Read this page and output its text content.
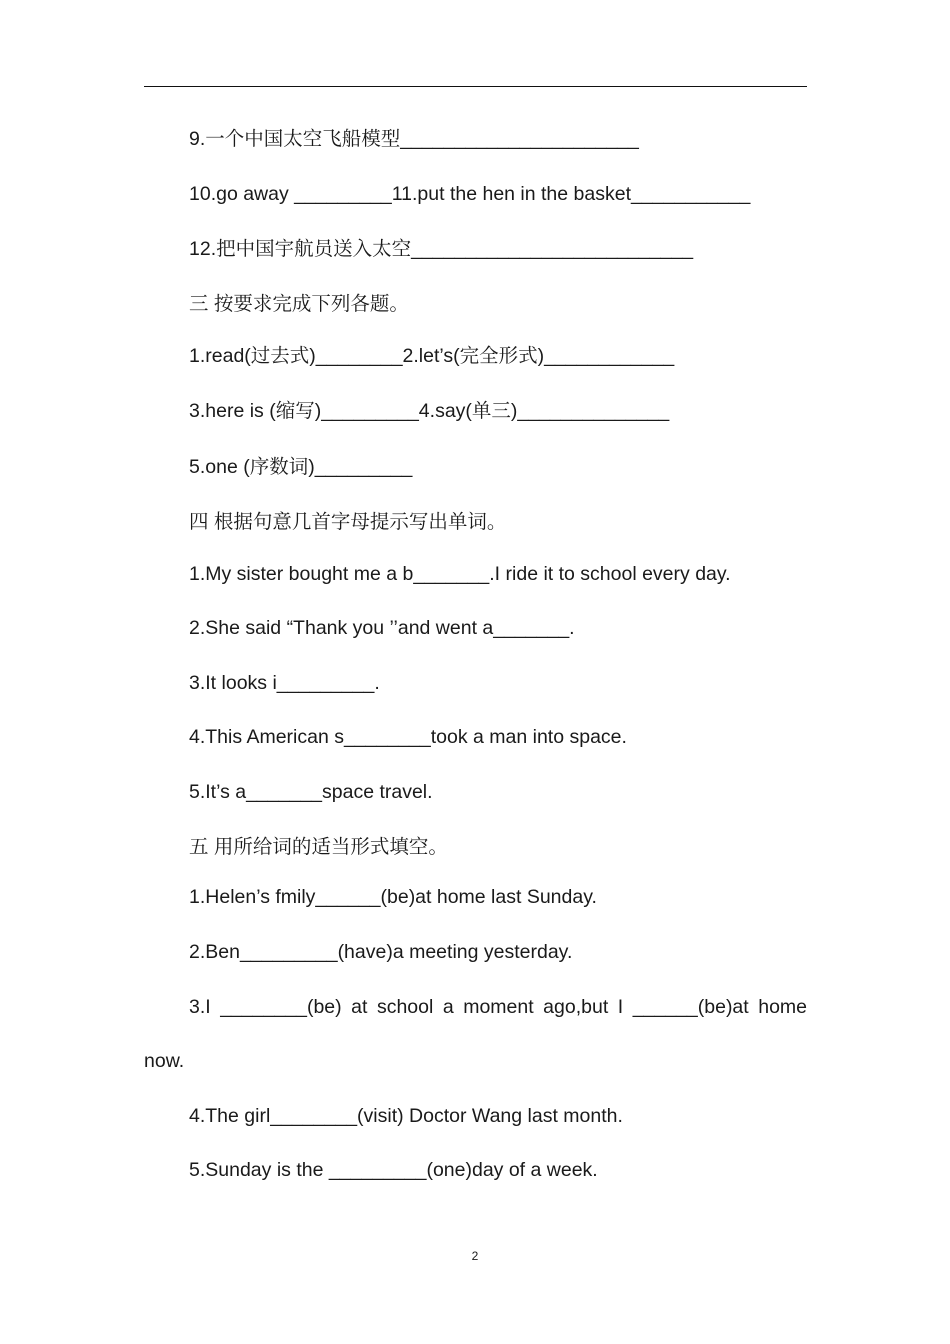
9.一个中国太空飞船模型______________________
10.go away _________11.put the hen in the basket___________
12.把中国宇航员送入太空__________________________
三 按要求完成下列各题。
1.read(过去式)________2.let’s(完全形式)____________
3.here is (缩写)_________4.say(单三)______________
5.one (序数词)_________
四 根据句意几首字母提示写出单词。
1.My sister bought me a b_______.I ride it to school every day.
2.She said “Thank you ’’and went a_______.
3.It looks i_________.
4.This American s________took a man into space.
5.It’s a_______space travel.
五 用所给词的适当形式填空。
1.Helen’s fmily______(be)at home last Sunday.
2.Ben_________(have)a meeting yesterday.
3.I ________(be) at school a moment ago,but I ______(be)at home
now.
4.The girl________(visit) Doctor Wang last month.
5.Sunday is the _________(one)day of a week.
2
